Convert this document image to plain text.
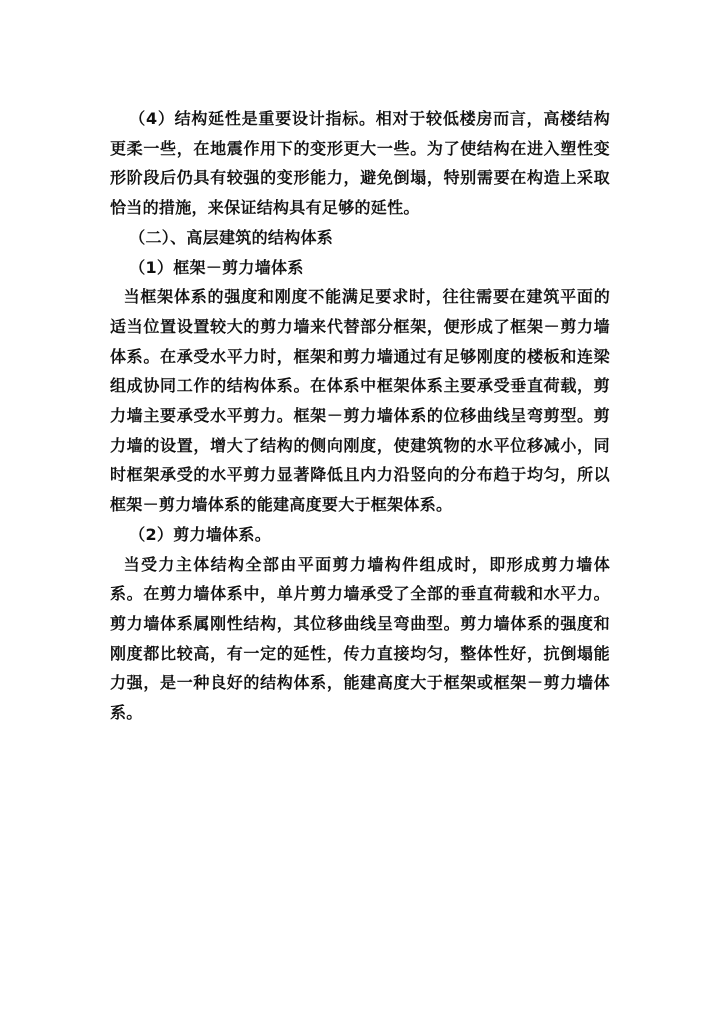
（4）结构延性是重要设计指标。相对于较低楼房而言，高楼结构更柔一些，在地震作用下的变形更大一些。为了使结构在进入塑性变形阶段后仍具有较强的变形能力，避免倒塌，特别需要在构造上采取恰当的措施，来保证结构具有足够的延性。

（二）、高层建筑的结构体系

（1）框架－剪力墙体系

当框架体系的强度和刚度不能满足要求时，往往需要在建筑平面的适当位置设置较大的剪力墙来代替部分框架，便形成了框架－剪力墙体系。在承受水平力时，框架和剪力墙通过有足够刚度的楼板和连梁组成协同工作的结构体系。在体系中框架体系主要承受垂直荷载，剪力墙主要承受水平剪力。框架－剪力墙体系的位移曲线呈弯剪型。剪力墙的设置，增大了结构的侧向刚度，使建筑物的水平位移减小，同时框架承受的水平剪力显著降低且内力沿竖向的分布趋于均匀，所以框架－剪力墙体系的能建高度要大于框架体系。

（2）剪力墙体系。

当受力主体结构全部由平面剪力墙构件组成时，即形成剪力墙体系。在剪力墙体系中，单片剪力墙承受了全部的垂直荷载和水平力。剪力墙体系属刚性结构，其位移曲线呈弯曲型。剪力墙体系的强度和刚度都比较高，有一定的延性，传力直接均匀，整体性好，抗倒塌能力强，是一种良好的结构体系，能建高度大于框架或框架－剪力墙体系。
